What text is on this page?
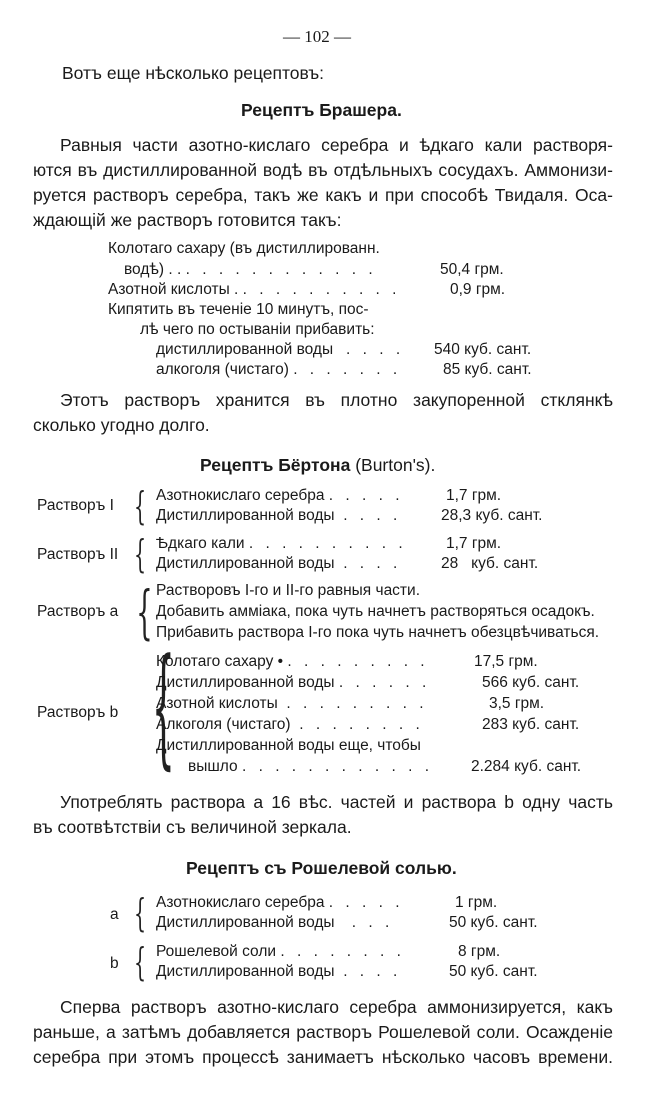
— 102 —
Вотъ еще нѣсколько рецептовъ:
Рецептъ Брашера.
Равныя части азотно-кислаго серебра и ѣдкаго кали растворя-
ются въ дистиллированной водѣ въ отдѣльныхъ сосудахъ. Аммонизи-
руется растворъ серебра, такъ же какъ и при способѣ Твидаля. Оса-
ждающiй же растворъ готовится такъ:
Колотаго сахару (въ дистиллированн.
водѣ) . . . . . . . . . . . . . .	50,4 грм.
Азотной кислоты . . . . . . . . . . .	0,9 грм.
Кипятить въ теченiе 10 минутъ, пос-
лѣ чего по остыванiи прибавить:
дистиллированной воды . . . . 540 куб. сант.
алкоголя (чистаго) . . . . . . .	85 куб. сант.
Этотъ растворъ хранится въ плотно закупоренной стклянкѣ
сколько угодно долго.
Рецептъ Бёртона (Burton's).
Растворъ I { Азотнокислаго серебра . . . . .	1,7 грм.
Дистиллированной воды . . . .	28,3 куб. сант.
Растворъ II { Ѣдкаго кали . . . . . . . . . .	1,7 грм.
Дистиллированной воды . . . .	28   куб. сант.
Растворъ a { Растворовъ I-го и II-го равныя части.
Добавить амміака, пока чуть начнетъ растворяться осадокъ.
Прибавить раствора I-го пока чуть начнетъ обезцвѣчиваться.
Растворъ b {
Колотаго сахару • . . . . . . . . .	17,5 грм.
Дистиллированной воды . . . . . .	566 куб. сант.
Азотной кислоты . . . . . . . . .	3,5 грм.
Алкоголя (чистаго) . . . . . . . .	283 куб. сант.
Дистиллированной воды еще, чтобы
вышло . . . . . . . . . . . . 2.284 куб. сант.
Употреблять раствора a 16 вѣс. частей и раствора b одну часть
въ соотвѣтствiи съ величиной зеркала.
Рецептъ съ Рошелевой солью.
a { Азотнокислаго серебра . . . . .	1 грм.
Дистиллированной воды . . .	50 куб. сант.
b { Рошелевой соли . . . . . . . .	8 грм.
Дистиллированной воды . . . .	50 куб. сант.
Сперва растворъ азотно-кислаго серебра аммонизируется, какъ
раньше, а затѣмъ добавляется растворъ Рошелевой соли. Осажденiе
серебра при этомъ процессѣ занимаетъ нѣсколько часовъ времени.
